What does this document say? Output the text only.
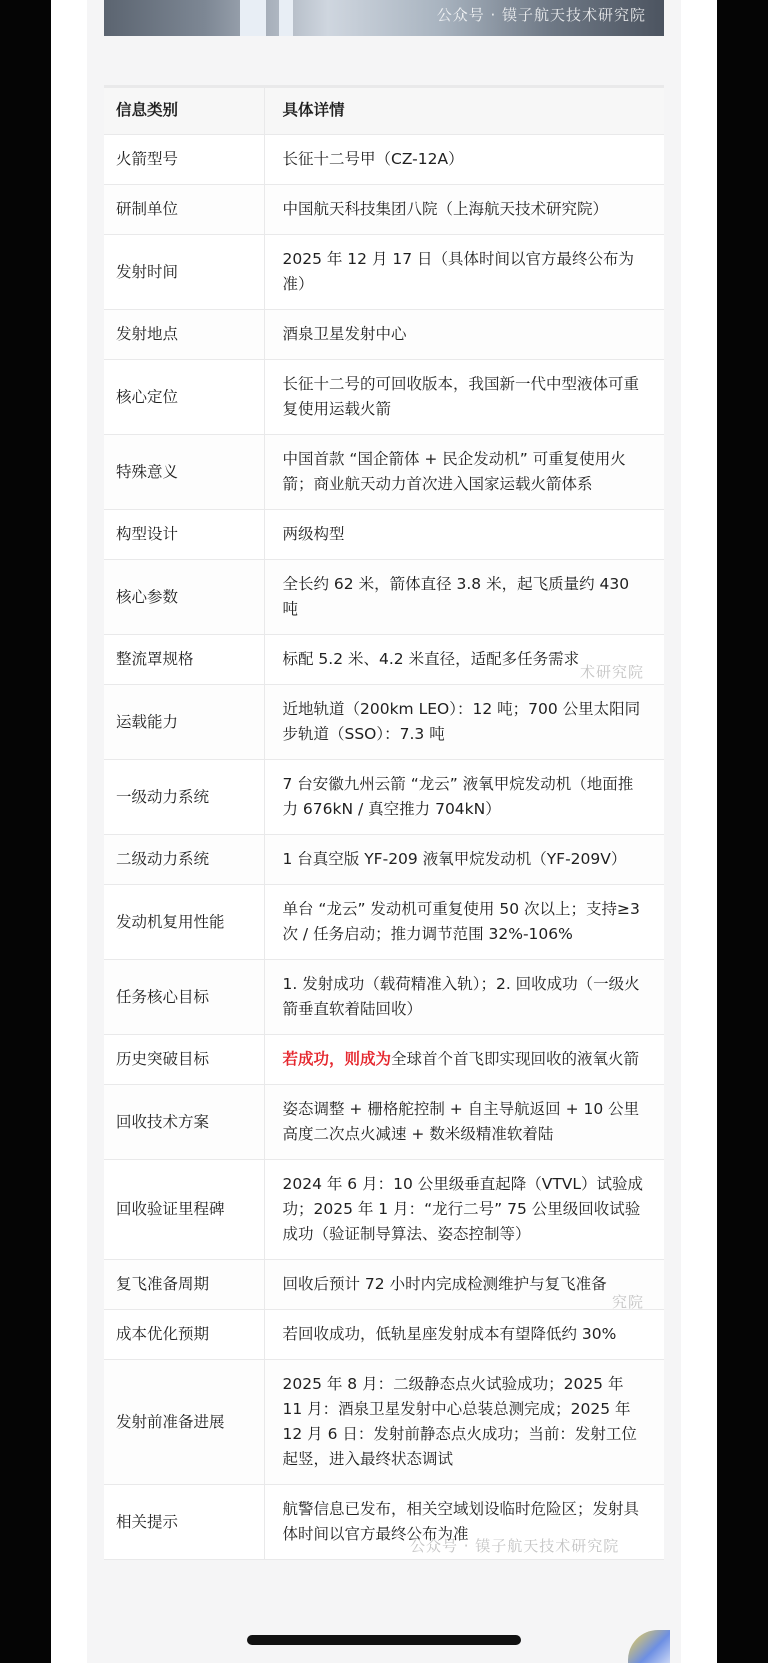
公众号 · 镆子航天技术研究院
信息类别	具体详情
火箭型号	长征十二号甲（CZ-12A）
研制单位	中国航天科技集团八院（上海航天技术研究院）
发射时间	2025 年 12 月 17 日（具体时间以官方最终公布为准）
发射地点	酒泉卫星发射中心
核心定位	长征十二号的可回收版本，我国新一代中型液体可重复使用运载火箭
特殊意义	中国首款 “国企箭体 + 民企发动机” 可重复使用火箭；商业航天动力首次进入国家运载火箭体系
构型设计	两级构型
核心参数	全长约 62 米，箭体直径 3.8 米，起飞质量约 430 吨
整流罩规格	标配 5.2 米、4.2 米直径，适配多任务需求
运载能力	近地轨道（200km LEO）：12 吨；700 公里太阳同步轨道（SSO）：7.3 吨
一级动力系统	7 台安徽九州云箭 “龙云” 液氧甲烷发动机（地面推力 676kN / 真空推力 704kN）
二级动力系统	1 台真空版 YF-209 液氧甲烷发动机（YF-209V）
发动机复用性能	单台 “龙云” 发动机可重复使用 50 次以上；支持≥3 次 / 任务启动；推力调节范围 32%-106%
任务核心目标	1. 发射成功（载荷精准入轨）；2. 回收成功（一级火箭垂直软着陆回收）
历史突破目标	若成功，则成为全球首个首飞即实现回收的液氧火箭
回收技术方案	姿态调整 + 栅格舵控制 + 自主导航返回 + 10 公里高度二次点火减速 + 数米级精准软着陆
回收验证里程碑	2024 年 6 月：10 公里级垂直起降（VTVL）试验成功；2025 年 1 月：“龙行二号” 75 公里级回收试验成功（验证制导算法、姿态控制等）
复飞准备周期	回收后预计 72 小时内完成检测维护与复飞准备
成本优化预期	若回收成功，低轨星座发射成本有望降低约 30%
发射前准备进展	2025 年 8 月：二级静态点火试验成功；2025 年 11 月：酒泉卫星发射中心总装总测完成；2025 年 12 月 6 日：发射前静态点火成功；当前：发射工位起竖，进入最终状态调试
相关提示	航警信息已发布，相关空域划设临时危险区；发射具体时间以官方最终公布为准
术研究院
究院
公众号 · 镆子航天技术研究院
